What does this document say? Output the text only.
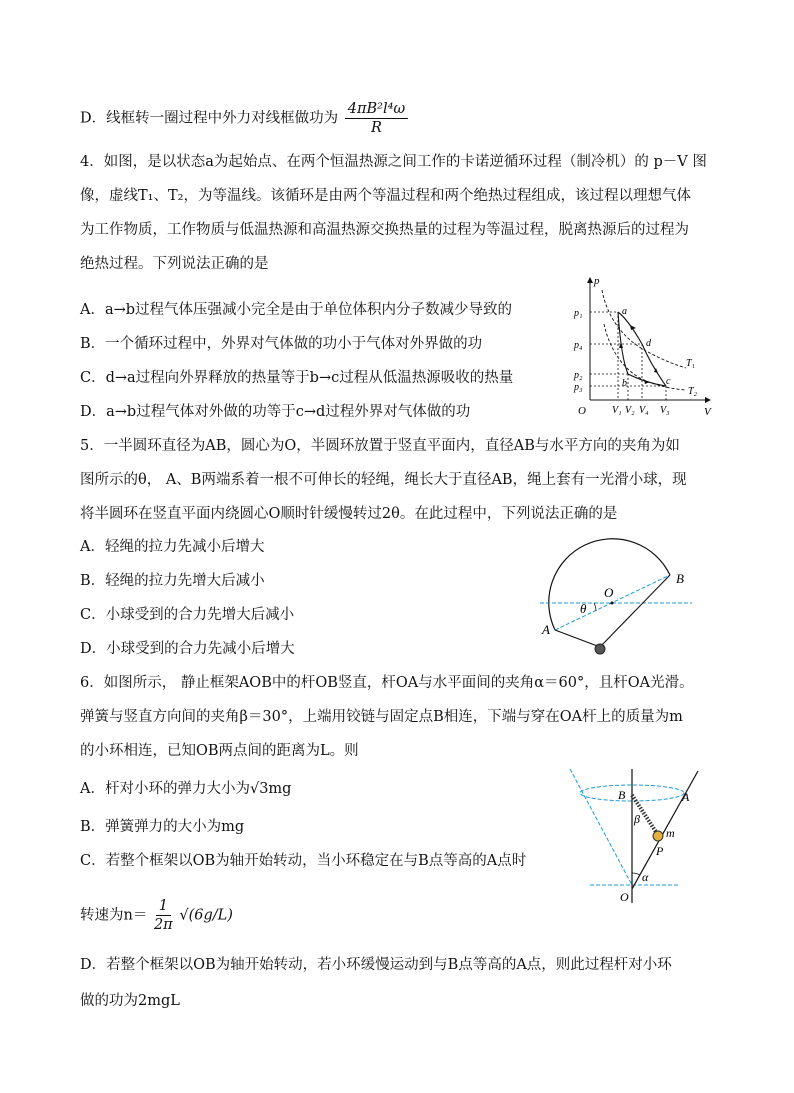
D．线框转一圈过程中外力对线框做功为 $\frac{\text{4πB²l⁴ω}}{R}$
4．如图，是以状态a为起始点、在两个恒温热源之间工作的卡诺逆循环过程（制冷机）的 p－V 图
像，虚线T₁、T₂，为等温线。该循环是由两个等温过程和两个绝热过程组成，该过程以理想气体
为工作物质，工作物质与低温热源和高温热源交换热量的过程为等温过程，脱离热源后的过程为
绝热过程。下列说法正确的是
A．a→b过程气体压强减小完全是由于单位体积内分子数减少导致的
B．一个循环过程中，外界对气体做的功小于气体对外界做的功
C．d→a过程向外界释放的热量等于b→c过程从低温热源吸收的热量
D．a→b过程气体对外做的功等于c→d过程外界对气体做的功
p
V
O
p₁
p₄
p₂
p₃
V₁ V₂ V₄ V₃
a
b	c
d
T₁
T₂
5．一半圆环直径为AB，圆心为O，半圆环放置于竖直平面内，直径AB与水平方向的夹角为如
图所示的θ， A、B两端系着一根不可伸长的轻绳，绳长大于直径AB，绳上套有一光滑小球，现
将半圆环在竖直平面内绕圆心O顺时针缓慢转过2θ。在此过程中，下列说法正确的是
A．轻绳的拉力先减小后增大
B．轻绳的拉力先增大后减小
C．小球受到的合力先增大后减小
D．小球受到的合力先减小后增大
A
B
O
θ
6．如图所示， 静止框架AOB中的杆OB竖直，杆OA与水平面间的夹角α＝60°，且杆OA光滑。
弹簧与竖直方向间的夹角β＝30°，上端用铰链与固定点B相连，下端与穿在OA杆上的质量为m
的小环相连，已知OB两点间的距离为L。则
A．杆对小环的弹力大小为√3mg
B．弹簧弹力的大小为mg
C．若整个框架以OB为轴开始转动，当小环稳定在与B点等高的A点时
转速为$n= \frac{1}{2\pi} √(6g/L)$
D．若整个框架以OB为轴开始转动，若小环缓慢运动到与B点等高的A点，则此过程杆对小环
做的功为2mgL
B	A
β
m
P
α
O
